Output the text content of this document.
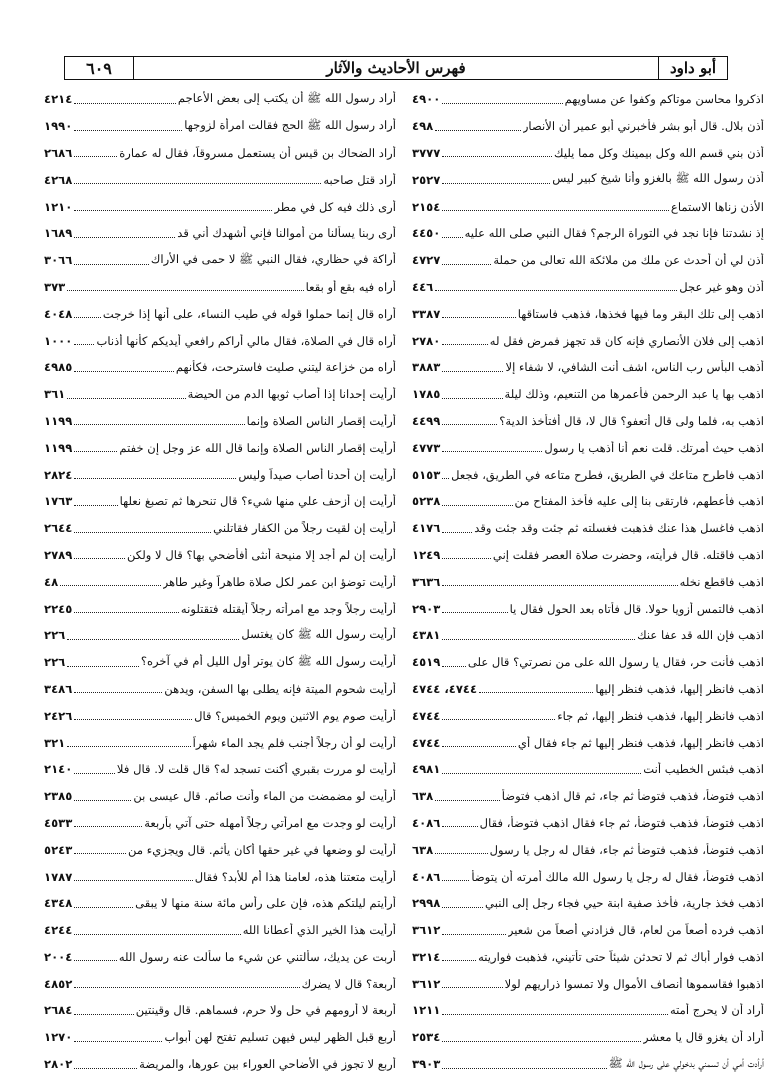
أبو داود
فهرس الأحاديث والآثار
٦٠٩
٤٩٠٠	اذكروا محاسن موتاكم وكفوا عن مساويهم
٤٩٨	أذن بلال. قال أبو بشر فأخبرني أبو عمير أن الأنصار
٣٧٧٧	أذن بني قسم الله وكل بيمينك وكل مما يليك
٢٥٢٧	أذن رسول الله ﷺ بالغزو وأنا شيخ كبير ليس
٢١٥٤	الأذن زناها الاستماع
٤٤٥٠ إذ نشدتنا فإنا نجد في التوراة الرجم؟ فقال النبي صلى الله عليه
٤٧٢٧	أذن لي أن أحدث عن ملك من ملائكة الله تعالى من حملة
٤٤٦	أذن وهو غير عجل
٣٣٨٧	اذهب إلى تلك البقر وما فيها فخذها، فذهب فاستاقها
٢٧٨٠	اذهب إلى فلان الأنصاري فإنه كان قد تجهز فمرض فقل له
٣٨٨٣	أذهب البأس رب الناس، اشف أنت الشافي، لا شفاء إلا
١٧٨٥	اذهب بها يا عبد الرحمن فأعمرها من التنعيم، وذلك ليلة
٤٤٩٩	اذهب به، فلما ولى قال أتعفو؟ قال لا، قال أفتأخذ الدية؟
٤٧٧٣	اذهب حيث أمرتك. قلت نعم أنا أذهب يا رسول
٥١٥٣ اذهب فاطرح متاعك في الطريق، فطرح متاعه في الطريق، فجعل
٥٢٣٨	اذهب فأعطهم، فارتقى بنا إلى عليه فأخذ المفتاح من
٤١٧٦	اذهب فاغسل هذا عنك فذهبت فغسلته ثم جئت وقد جئت وقد
١٢٤٩	اذهب فاقتله. قال فرأيته، وحضرت صلاة العصر فقلت إني
٣٦٣٦	اذهب فاقطع نخله
٢٩٠٣	اذهب فالتمس أزويا حولا. قال فأتاه بعد الحول فقال يا
٤٣٨١	اذهب فإن الله قد عفا عنك
٤٥١٩ اذهب فأنت حر، فقال يا رسول الله على من نصرتي؟ قال على
٤٧٤٤، ٤٧٤٤	اذهب فانظر إليها، فذهب فنظر إليها
٤٧٤٤	اذهب فانظر إليها، فذهب فنظر إليها، ثم جاء
٤٧٤٤	اذهب فانظر إليها، فذهب فنظر إليها ثم جاء فقال أي
٤٩٨١	اذهب فبئس الخطيب أنت
٦٣٨	اذهب فتوضأ، فذهب فتوضأ ثم جاء، ثم قال اذهب فتوضأ
٤٠٨٦	اذهب فتوضأ، فذهب فتوضأ، ثم جاء فقال اذهب فتوضأ، فقال
٦٣٨	اذهب فتوضأ، فذهب فتوضأ ثم جاء، فقال له رجل يا رسول
٤٠٨٦	اذهب فتوضأ، فقال له رجل يا رسول الله مالك أمرته أن يتوضأ
٢٩٩٨	اذهب فخذ جارية، فأخذ صفية ابنة حيي فجاء رجل إلى النبي
٣٦١٢	اذهب فرده أصعاً من لعام، قال فزادني أصعاً من شعير
٣٢١٤	اذهب فوار أباك ثم لا تحدثن شيئاً حتى تأتيني، فذهبت فواريته
٣٦١٢	اذهبوا فقاسموها أنصاف الأموال ولا تمسوا ذراريهم لولا
١٢١١	أراد أن لا يحرج أمته
٢٥٣٤	أراد أن يغزو قال يا معشر
٣٩٠٣	أرأدت أمي أن تسمني بدخولي على رسول الله ﷺ
٤٢١٤	أراد رسول الله ﷺ أن يكتب إلى بعض الأعاجم
١٩٩٠	أراد رسول الله ﷺ الحج فقالت امرأة لزوجها
٢٦٨٦	أراد الضحاك بن قيس أن يستعمل مسروقاً، فقال له عمارة
٤٢٦٨	أراد قتل صاحبه
١٢١٠	أرى ذلك فيه كل في مطر
١٦٨٩	أرى ربنا يسألنا من أموالنا فإني أشهدك أني قد
٣٠٦٦	أراكة في حظاري، فقال النبي ﷺ لا حمى في الأراك
٣٧٣	أراه فيه بقع أو بقعا
٤٠٤٨	أراه قال إنما حملوا قوله في طيب النساء، على أنها إذا خرجت
١٠٠٠ أراه قال في الصلاة، فقال مالي أراكم رافعي أيديكم كأنها أذناب
٤٩٨٥	أراه من خزاعة ليتني صليت فاسترحت، فكأنهم
٣٦١	أرأيت إحدانا إذا أصاب ثوبها الدم من الحيضة
١١٩٩	أرأيت إقصار الناس الصلاة وإنما
١١٩٩	أرأيت إقصار الناس الصلاة وإنما قال الله عز وجل إن خفتم
٢٨٢٤	أرأيت إن أحدنا أصاب صيداً وليس
١٧٦٣	أرأيت إن أزحف علي منها شيء؟ قال تنحرها ثم تصبغ نعلها
٢٦٤٤	أرأيت إن لقيت رجلاً من الكفار فقاتلني
٢٧٨٩	أرأيت إن لم أجد إلا منيحة أنثى أفأضحي بها؟ قال لا ولكن
٤٨	أرأيت توضؤ ابن عمر لكل صلاة طاهراً وغير طاهر
٢٢٤٥	أرأيت رجلاً وجد مع امرأته رجلاً أيقتله فتقتلونه
٢٢٦	أرأيت رسول الله ﷺ كان يغتسل
٢٢٦	أرأيت رسول الله ﷺ كان يوتر أول الليل أم في آخره؟
٣٤٨٦	أرأيت شحوم الميتة فإنه يطلى بها السفن، ويدهن
٢٤٢٦	أرأيت صوم يوم الاثنين ويوم الخميس؟ قال
٣٢١	أرأيت لو أن رجلاً أجنب فلم يجد الماء شهراً
٢١٤٠	أرأيت لو مررت بقبري أكنت تسجد له؟ قال قلت لا. قال فلا
٢٣٨٥	أرأيت لو مضمضت من الماء وأنت صائم. قال عيسى بن
٤٥٣٣	أرأيت لو وجدت مع امرأتي رجلاً أمهله حتى آتي بأربعة
٥٢٤٣	أرأيت لو وضعها في غير حقها أكان يأثم. قال ويجزيء من
١٧٨٧	أرأيت متعتنا هذه، لعامنا هذا أم للأبد؟ فقال
٤٣٤٨	أرأيتم ليلتكم هذه، فإن على رأس مائة سنة منها لا يبقى
٤٢٤٤	أرأيت هذا الخير الذي أعطانا الله
٢٠٠٤	أربت عن يديك، سألتني عن شيء ما سألت عنه رسول الله
٤٨٥٢	أربعة؟ قال لا يضرك
٢٦٨٤	أربعة لا أرومهم في حل ولا حرم، فسماهم. قال وقينتين
١٢٧٠	أربع قبل الظهر ليس فيهن تسليم تفتح لهن أبواب
٢٨٠٢	أربع لا تجوز في الأضاحي العوراء بين عورها، والمريضة
